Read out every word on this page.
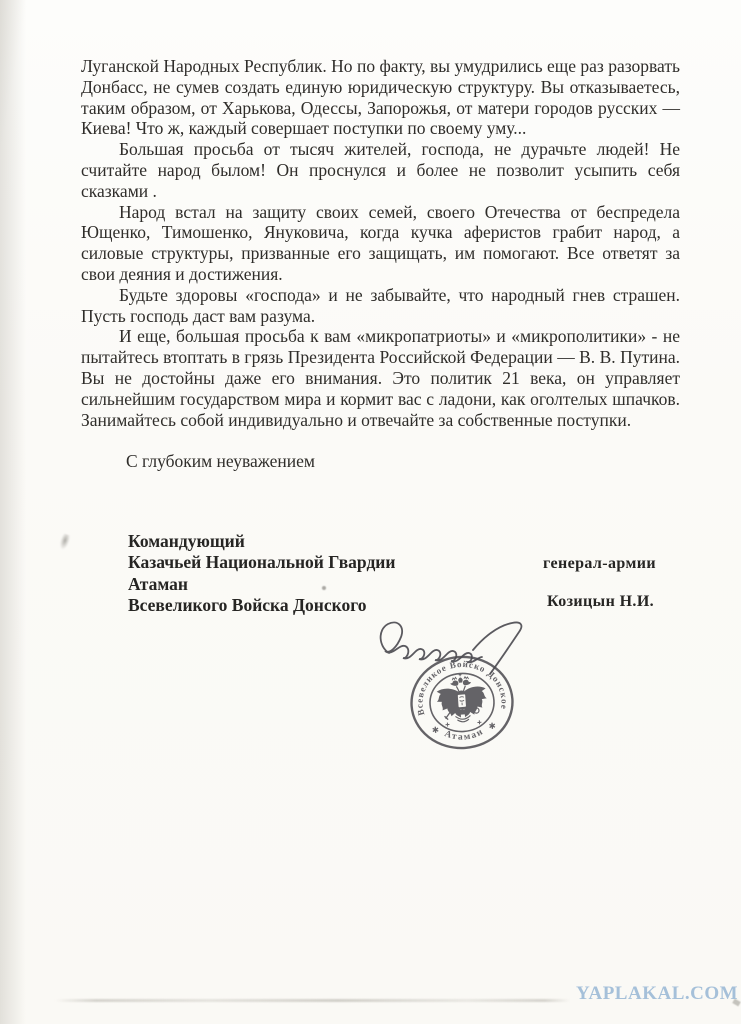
Луганской Народных Республик. Но по факту, вы умудрились еще раз разорвать Донбасс, не сумев создать единую юридическую структуру. Вы отказываетесь, таким образом, от Харькова, Одессы, Запорожья, от матери городов русских — Киева! Что ж, каждый совершает поступки по своему уму...

Большая просьба от тысяч жителей, господа, не дурачьте людей! Не считайте народ былом! Он проснулся и более не позволит усыпить себя сказками .

Народ встал на защиту своих семей, своего Отечества от беспредела Ющенко, Тимошенко, Януковича, когда кучка аферистов грабит народ, а силовые структуры, призванные его защищать, им помогают. Все ответят за свои деяния и достижения.

Будьте здоровы «господа» и не забывайте, что народный гнев страшен. Пусть господь даст вам разума.

И еще, большая просьба к вам «микропатриоты» и «микрополитики» - не пытайтесь втоптать в грязь Президента Российской Федерации — В. В. Путина. Вы не достойны даже его внимания. Это политик 21 века, он управляет сильнейшим государством мира и кормит вас с ладони, как оголтелых шпачков. Занимайтесь собой индивидуально и отвечайте за собственные поступки.

С глубоким неуважением

Командующий
Казачьей Национальной Гвардии	генерал-армии
Атаман
Всевеликого Войска Донского	Козицын Н.И.
Всевеликое Войско Донское
Атаман
✱	✱
YAPLAKAL.COM
